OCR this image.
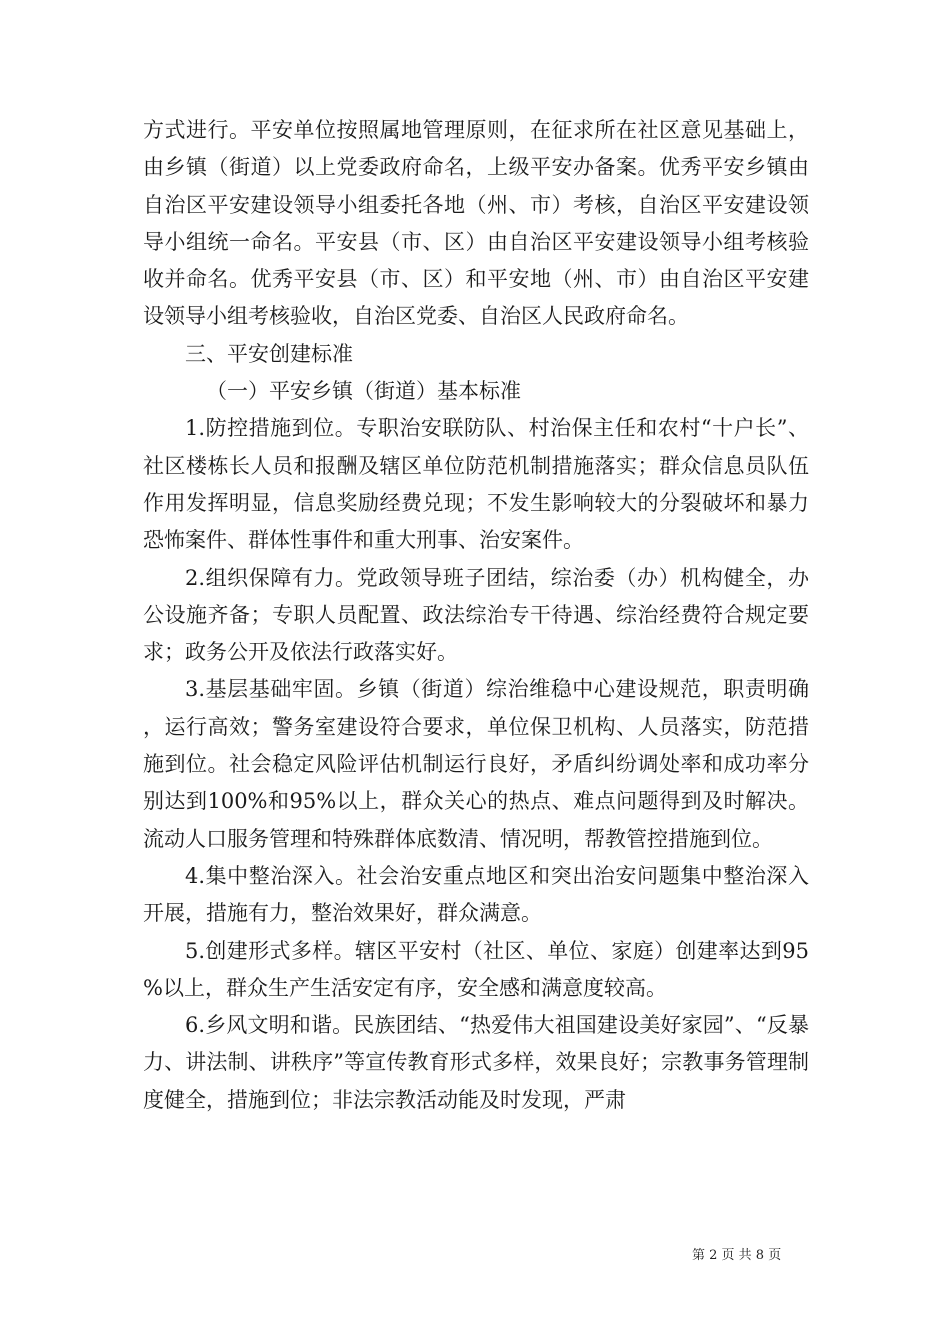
方式进行。平安单位按照属地管理原则，在征求所在社区意见基础上，由乡镇（街道）以上党委政府命名，上级平安办备案。优秀平安乡镇由自治区平安建设领导小组委托各地（州、市）考核，自治区平安建设领导小组统一命名。平安县（市、区）由自治区平安建设领导小组考核验收并命名。优秀平安县（市、区）和平安地（州、市）由自治区平安建设领导小组考核验收，自治区党委、自治区人民政府命名。

三、平安创建标准

（一）平安乡镇（街道）基本标准

1.防控措施到位。专职治安联防队、村治保主任和农村“十户长”、社区楼栋长人员和报酬及辖区单位防范机制措施落实；群众信息员队伍作用发挥明显，信息奖励经费兑现；不发生影响较大的分裂破坏和暴力恐怖案件、群体性事件和重大刑事、治安案件。

2.组织保障有力。党政领导班子团结，综治委（办）机构健全，办公设施齐备；专职人员配置、政法综治专干待遇、综治经费符合规定要求；政务公开及依法行政落实好。

3.基层基础牢固。乡镇（街道）综治维稳中心建设规范，职责明确，运行高效；警务室建设符合要求，单位保卫机构、人员落实，防范措施到位。社会稳定风险评估机制运行良好，矛盾纠纷调处率和成功率分别达到100%和95%以上，群众关心的热点、难点问题得到及时解决。流动人口服务管理和特殊群体底数清、情况明，帮教管控措施到位。

4.集中整治深入。社会治安重点地区和突出治安问题集中整治深入开展，措施有力，整治效果好，群众满意。

5.创建形式多样。辖区平安村（社区、单位、家庭）创建率达到95%以上，群众生产生活安定有序，安全感和满意度较高。

6.乡风文明和谐。民族团结、“热爱伟大祖国建设美好家园”、“反暴力、讲法制、讲秩序”等宣传教育形式多样，效果良好；宗教事务管理制度健全，措施到位；非法宗教活动能及时发现，严肃

第 2 页 共 8 页
